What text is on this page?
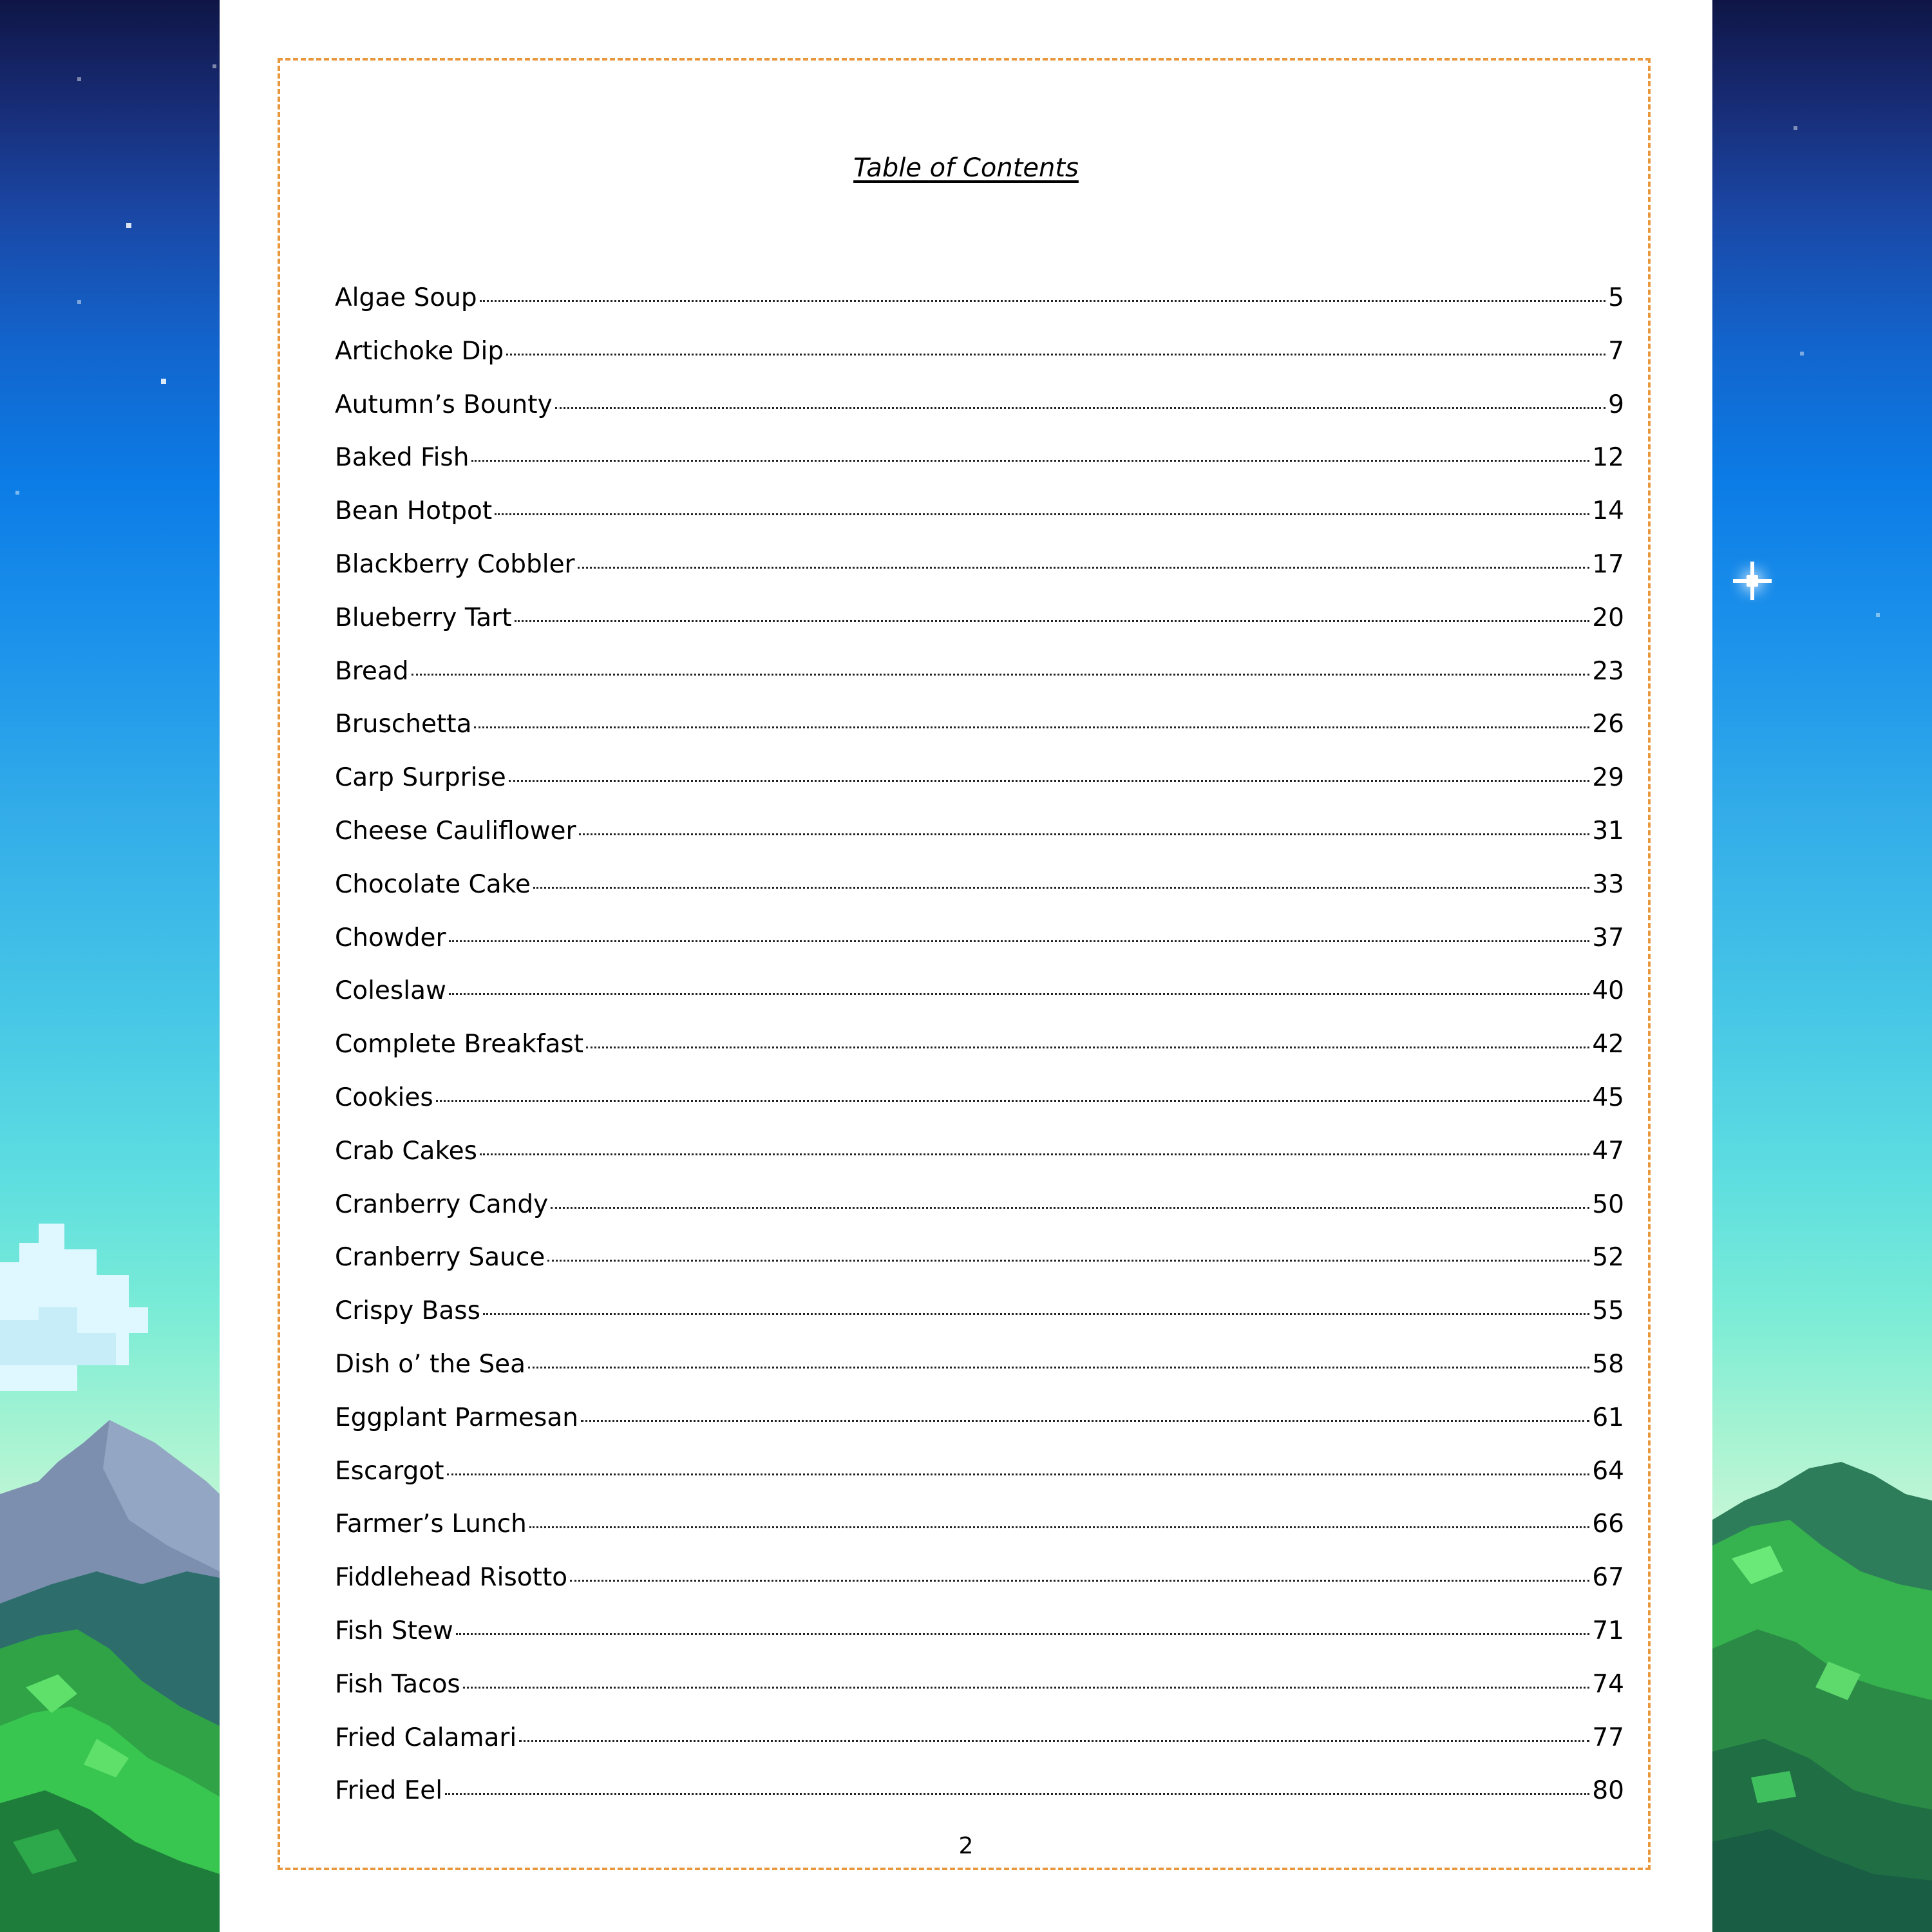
Table of Contents
Algae Soup	5
Artichoke Dip	7
Autumn’s Bounty	9
Baked Fish	12
Bean Hotpot	14
Blackberry Cobbler	17
Blueberry Tart	20
Bread	23
Bruschetta	26
Carp Surprise	29
Cheese Cauliflower	31
Chocolate Cake	33
Chowder	37
Coleslaw	40
Complete Breakfast	42
Cookies	45
Crab Cakes	47
Cranberry Candy	50
Cranberry Sauce	52
Crispy Bass	55
Dish o’ the Sea	58
Eggplant Parmesan	61
Escargot	64
Farmer’s Lunch	66
Fiddlehead Risotto	67
Fish Stew	71
Fish Tacos	74
Fried Calamari	77
Fried Eel	80

2
